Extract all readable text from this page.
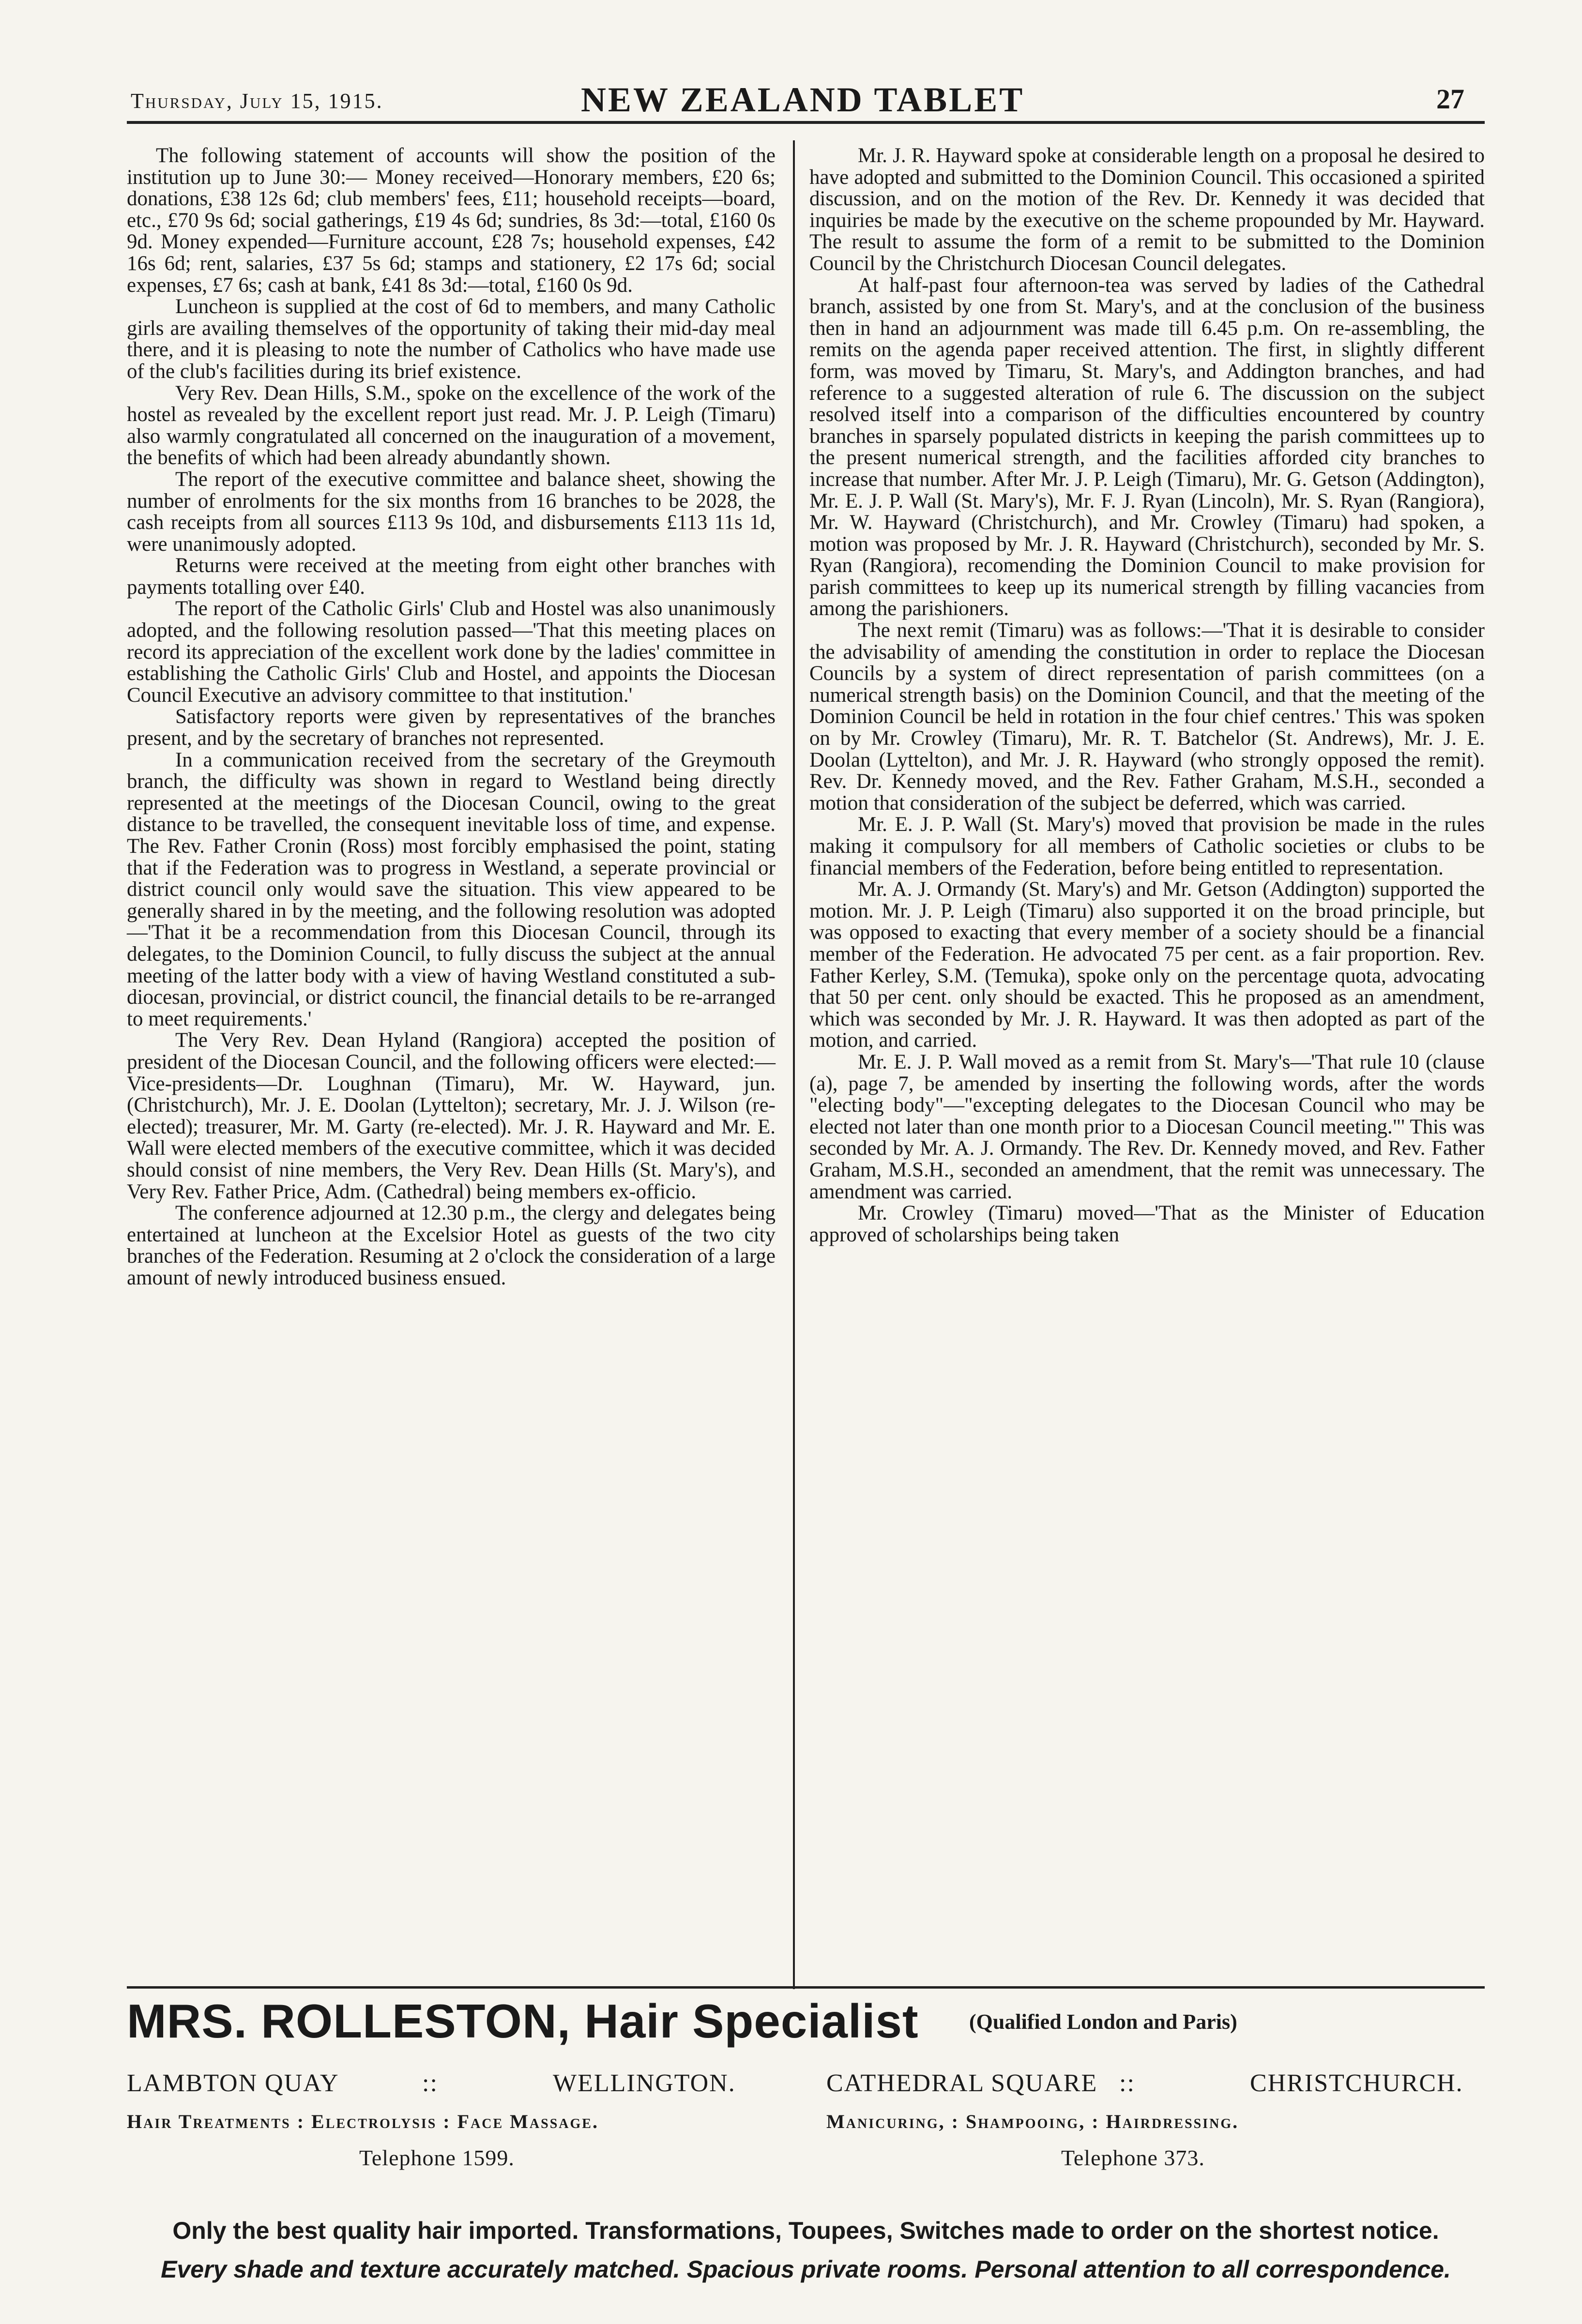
Thursday, July 15, 1915.	NEW ZEALAND TABLET	27

The following statement of accounts will show the position of the institution up to June 30:— Money received—Honorary members, £20 6s; donations, £38 12s 6d; club members' fees, £11; household receipts—board, etc., £70 9s 6d; social gatherings, £19 4s 6d; sundries, 8s 3d:—total, £160 0s 9d. Money expended—Furniture account, £28 7s; household expenses, £42 16s 6d; rent, salaries, £37 5s 6d; stamps and stationery, £2 17s 6d; social expenses, £7 6s; cash at bank, £41 8s 3d:—total, £160 0s 9d.

Luncheon is supplied at the cost of 6d to members, and many Catholic girls are availing themselves of the opportunity of taking their mid-day meal there, and it is pleasing to note the number of Catholics who have made use of the club's facilities during its brief existence.

Very Rev. Dean Hills, S.M., spoke on the excellence of the work of the hostel as revealed by the excellent report just read. Mr. J. P. Leigh (Timaru) also warmly congratulated all concerned on the inauguration of a movement, the benefits of which had been already abundantly shown.

The report of the executive committee and balance sheet, showing the number of enrolments for the six months from 16 branches to be 2028, the cash receipts from all sources £113 9s 10d, and disbursements £113 11s 1d, were unanimously adopted.

Returns were received at the meeting from eight other branches with payments totalling over £40.

The report of the Catholic Girls' Club and Hostel was also unanimously adopted, and the following resolution passed—'That this meeting places on record its appreciation of the excellent work done by the ladies' committee in establishing the Catholic Girls' Club and Hostel, and appoints the Diocesan Council Executive an advisory committee to that institution.'

Satisfactory reports were given by representatives of the branches present, and by the secretary of branches not represented.

In a communication received from the secretary of the Greymouth branch, the difficulty was shown in regard to Westland being directly represented at the meetings of the Diocesan Council, owing to the great distance to be travelled, the consequent inevitable loss of time, and expense. The Rev. Father Cronin (Ross) most forcibly emphasised the point, stating that if the Federation was to progress in Westland, a seperate provincial or district council only would save the situation. This view appeared to be generally shared in by the meeting, and the following resolution was adopted—'That it be a recommendation from this Diocesan Council, through its delegates, to the Dominion Council, to fully discuss the subject at the annual meeting of the latter body with a view of having Westland constituted a sub-diocesan, provincial, or district council, the financial details to be re-arranged to meet requirements.'

The Very Rev. Dean Hyland (Rangiora) accepted the position of president of the Diocesan Council, and the following officers were elected:—Vice-presidents—Dr. Loughnan (Timaru), Mr. W. Hayward, jun. (Christchurch), Mr. J. E. Doolan (Lyttelton); secretary, Mr. J. J. Wilson (re-elected); treasurer, Mr. M. Garty (re-elected). Mr. J. R. Hayward and Mr. E. Wall were elected members of the executive committee, which it was decided should consist of nine members, the Very Rev. Dean Hills (St. Mary's), and Very Rev. Father Price, Adm. (Cathedral) being members ex-officio.

The conference adjourned at 12.30 p.m., the clergy and delegates being entertained at luncheon at the Excelsior Hotel as guests of the two city branches of the Federation. Resuming at 2 o'clock the consideration of a large amount of newly introduced business ensued.

Mr. J. R. Hayward spoke at considerable length on a proposal he desired to have adopted and submitted to the Dominion Council. This occasioned a spirited discussion, and on the motion of the Rev. Dr. Kennedy it was decided that inquiries be made by the executive on the scheme propounded by Mr. Hayward. The result to assume the form of a remit to be submitted to the Dominion Council by the Christchurch Diocesan Council delegates.

At half-past four afternoon-tea was served by ladies of the Cathedral branch, assisted by one from St. Mary's, and at the conclusion of the business then in hand an adjournment was made till 6.45 p.m. On re-assembling, the remits on the agenda paper received attention. The first, in slightly different form, was moved by Timaru, St. Mary's, and Addington branches, and had reference to a suggested alteration of rule 6. The discussion on the subject resolved itself into a comparison of the difficulties encountered by country branches in sparsely populated districts in keeping the parish committees up to the present numerical strength, and the facilities afforded city branches to increase that number. After Mr. J. P. Leigh (Timaru), Mr. G. Getson (Addington), Mr. E. J. P. Wall (St. Mary's), Mr. F. J. Ryan (Lincoln), Mr. S. Ryan (Rangiora), Mr. W. Hayward (Christchurch), and Mr. Crowley (Timaru) had spoken, a motion was proposed by Mr. J. R. Hayward (Christchurch), seconded by Mr. S. Ryan (Rangiora), recomending the Dominion Council to make provision for parish committees to keep up its numerical strength by filling vacancies from among the parishioners.

The next remit (Timaru) was as follows:—'That it is desirable to consider the advisability of amending the constitution in order to replace the Diocesan Councils by a system of direct representation of parish committees (on a numerical strength basis) on the Dominion Council, and that the meeting of the Dominion Council be held in rotation in the four chief centres.' This was spoken on by Mr. Crowley (Timaru), Mr. R. T. Batchelor (St. Andrews), Mr. J. E. Doolan (Lyttelton), and Mr. J. R. Hayward (who strongly opposed the remit). Rev. Dr. Kennedy moved, and the Rev. Father Graham, M.S.H., seconded a motion that consideration of the subject be deferred, which was carried.

Mr. E. J. P. Wall (St. Mary's) moved that provision be made in the rules making it compulsory for all members of Catholic societies or clubs to be financial members of the Federation, before being entitled to representation.

Mr. A. J. Ormandy (St. Mary's) and Mr. Getson (Addington) supported the motion. Mr. J. P. Leigh (Timaru) also supported it on the broad principle, but was opposed to exacting that every member of a society should be a financial member of the Federation. He advocated 75 per cent. as a fair proportion. Rev. Father Kerley, S.M. (Temuka), spoke only on the percentage quota, advocating that 50 per cent. only should be exacted. This he proposed as an amendment, which was seconded by Mr. J. R. Hayward. It was then adopted as part of the motion, and carried.

Mr. E. J. P. Wall moved as a remit from St. Mary's—'That rule 10 (clause (a), page 7, be amended by inserting the following words, after the words "electing body"—"excepting delegates to the Diocesan Council who may be elected not later than one month prior to a Diocesan Council meeting."' This was seconded by Mr. A. J. Ormandy. The Rev. Dr. Kennedy moved, and Rev. Father Graham, M.S.H., seconded an amendment, that the remit was unnecessary. The amendment was carried.

Mr. Crowley (Timaru) moved—'That as the Minister of Education approved of scholarships being taken

MRS. ROLLESTON, Hair Specialist (Qualified London and Paris)
LAMBTON QUAY	::	WELLINGTON.	CATHEDRAL SQUARE ::	CHRISTCHURCH.
Hair Treatments : Electrolysis : Face Massage.	Manicuring, : Shampooing, : Hairdressing.
Telephone 1599.	Telephone 373.
Only the best quality hair imported. Transformations, Toupees, Switches made to order on the shortest notice.
Every shade and texture accurately matched. Spacious private rooms. Personal attention to all correspondence.
